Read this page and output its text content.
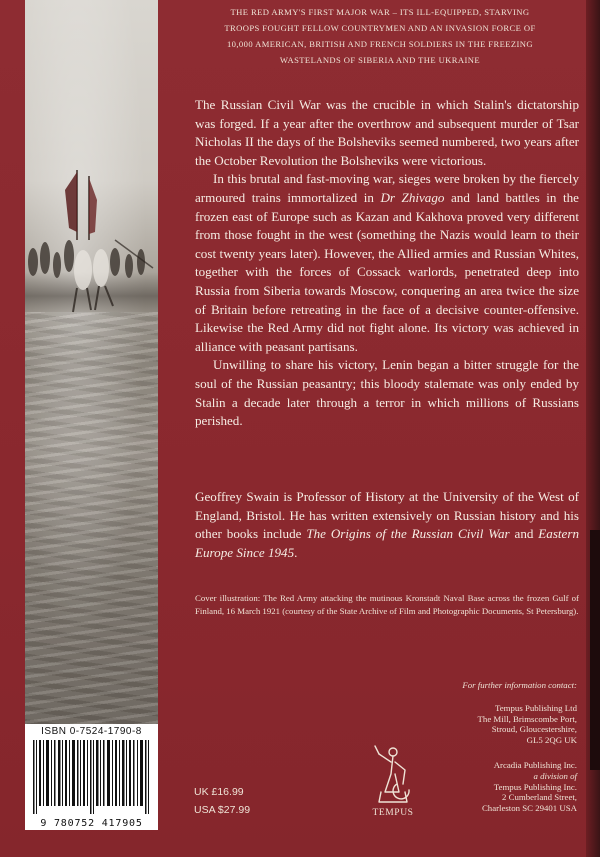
ISBN 0-7524-1790-8
9 780752 417905
THE RED ARMY'S FIRST MAJOR WAR – ITS ILL-EQUIPPED, STARVING
TROOPS FOUGHT FELLOW COUNTRYMEN AND AN INVASION FORCE OF
10,000 AMERICAN, BRITISH AND FRENCH SOLDIERS IN THE FREEZING
WASTELANDS OF SIBERIA AND THE UKRAINE

The Russian Civil War was the crucible in which Stalin's dictatorship was forged. If a year after the overthrow and subsequent murder of Tsar Nicholas II the days of the Bolsheviks seemed numbered, two years after the October Revolution the Bolsheviks were victorious.

In this brutal and fast-moving war, sieges were broken by the fiercely armoured trains immortalized in Dr Zhivago and land battles in the frozen east of Europe such as Kazan and Kakhova proved very different from those fought in the west (something the Nazis would learn to their cost twenty years later). However, the Allied armies and Russian Whites, together with the forces of Cossack warlords, penetrated deep into Russia from Siberia towards Moscow, conquering an area twice the size of Britain before retreating in the face of a decisive counter-offensive. Likewise the Red Army did not fight alone. Its victory was achieved in alliance with peasant partisans.

Unwilling to share his victory, Lenin began a bitter struggle for the soul of the Russian peasantry; this bloody stalemate was only ended by Stalin a decade later through a terror in which millions of Russians perished.

Geoffrey Swain is Professor of History at the University of the West of England, Bristol. He has written extensively on Russian history and his other books include The Origins of the Russian Civil War and Eastern Europe Since 1945.

Cover illustration: The Red Army attacking the mutinous Kronstadt Naval Base across the frozen Gulf of Finland, 16 March 1921 (courtesy of the State Archive of Film and Photographic Documents, St Petersburg).

For further information contact:
Tempus Publishing Ltd
The Mill, Brimscombe Port,
Stroud, Gloucestershire,
GL5 2QG UK
Arcadia Publishing Inc.
a division of
Tempus Publishing Inc.
2 Cumberland Street,
Charleston SC 29401 USA
TEMPUS
UK £16.99
USA $27.99
